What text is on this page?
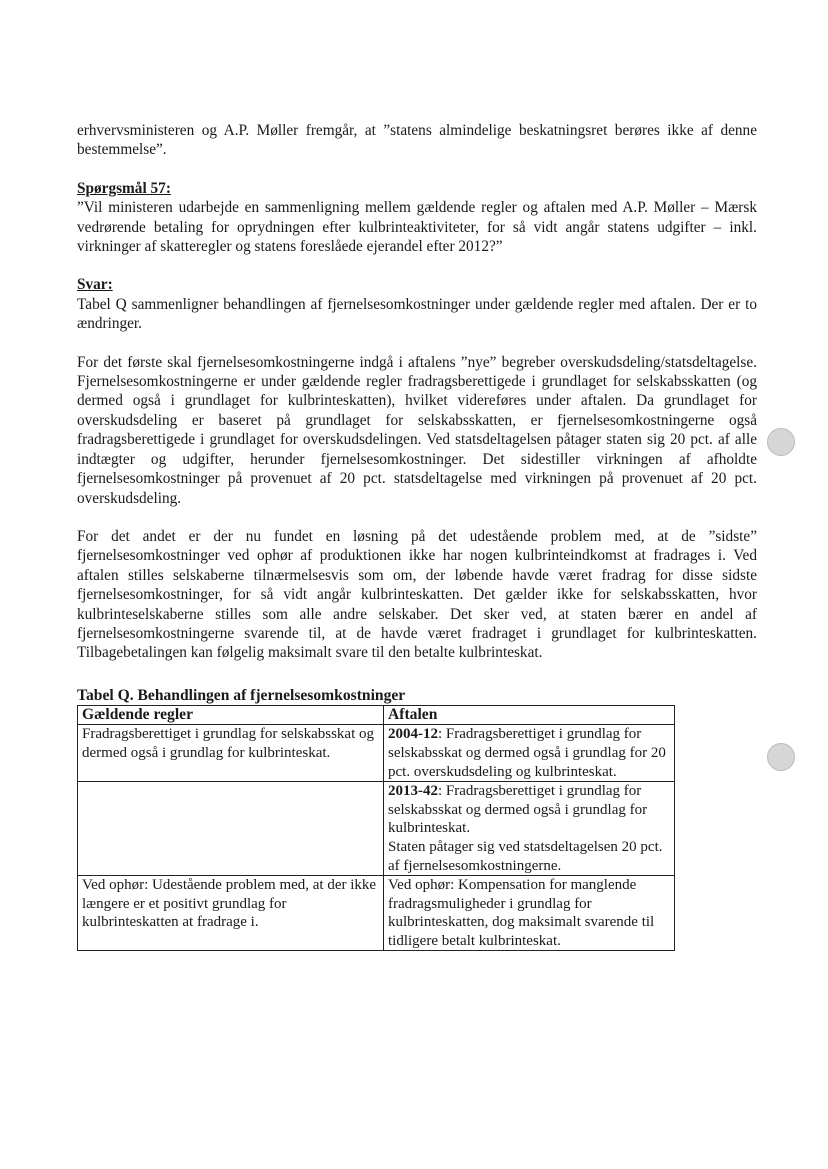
erhvervsministeren og A.P. Møller fremgår, at ”statens almindelige beskatningsret berøres ikke af denne bestemmelse”.

Spørgsmål 57:

”Vil ministeren udarbejde en sammenligning mellem gældende regler og aftalen med A.P. Møller – Mærsk vedrørende betaling for oprydningen efter kulbrinteaktiviteter, for så vidt angår statens udgifter – inkl. virkninger af skatteregler og statens foreslåede ejerandel efter 2012?”

Svar:

Tabel Q sammenligner behandlingen af fjernelsesomkostninger under gældende regler med aftalen. Der er to ændringer.

For det første skal fjernelsesomkostningerne indgå i aftalens ”nye” begreber overskudsdeling/statsdeltagelse. Fjernelsesomkostningerne er under gældende regler fradragsberettigede i grundlaget for selskabsskatten (og dermed også i grundlaget for kulbrinteskatten), hvilket videreføres under aftalen. Da grundlaget for overskudsdeling er baseret på grundlaget for selskabsskatten, er fjernelsesomkostningerne også fradragsberettigede i grundlaget for overskudsdelingen. Ved statsdeltagelsen påtager staten sig 20 pct. af alle indtægter og udgifter, herunder fjernelsesomkostninger. Det sidestiller virkningen af afholdte fjernelsesomkostninger på provenuet af 20 pct. statsdeltagelse med virkningen på provenuet af 20 pct. overskudsdeling.

For det andet er der nu fundet en løsning på det udestående problem med, at de ”sidste” fjernelsesomkostninger ved ophør af produktionen ikke har nogen kulbrinteindkomst at fradrages i. Ved aftalen stilles selskaberne tilnærmelsesvis som om, der løbende havde været fradrag for disse sidste fjernelsesomkostninger, for så vidt angår kulbrinteskatten. Det gælder ikke for selskabsskatten, hvor kulbrinteselskaberne stilles som alle andre selskaber. Det sker ved, at staten bærer en andel af fjernelsesomkostningerne svarende til, at de havde været fradraget i grundlaget for kulbrinteskatten. Tilbagebetalingen kan følgelig maksimalt svare til den betalte kulbrinteskat.

Tabel Q. Behandlingen af fjernelsesomkostninger

Gældende regler	Aftalen
Fradragsberettiget i grundlag for selskabsskat og dermed også i grundlag for kulbrinteskat.	2004-12: Fradragsberettiget i grundlag for selskabsskat og dermed også i grundlag for 20 pct. overskudsdeling og kulbrinteskat.
	2013-42: Fradragsberettiget i grundlag for selskabsskat og dermed også i grundlag for kulbrinteskat.
Staten påtager sig ved statsdeltagelsen 20 pct. af fjernelsesomkostningerne.
Ved ophør: Udestående problem med, at der ikke længere er et positivt grundlag for kulbrinteskatten at fradrage i.	Ved ophør: Kompensation for manglende fradragsmuligheder i grundlag for kulbrinteskatten, dog maksimalt svarende til tidligere betalt kulbrinteskat.
